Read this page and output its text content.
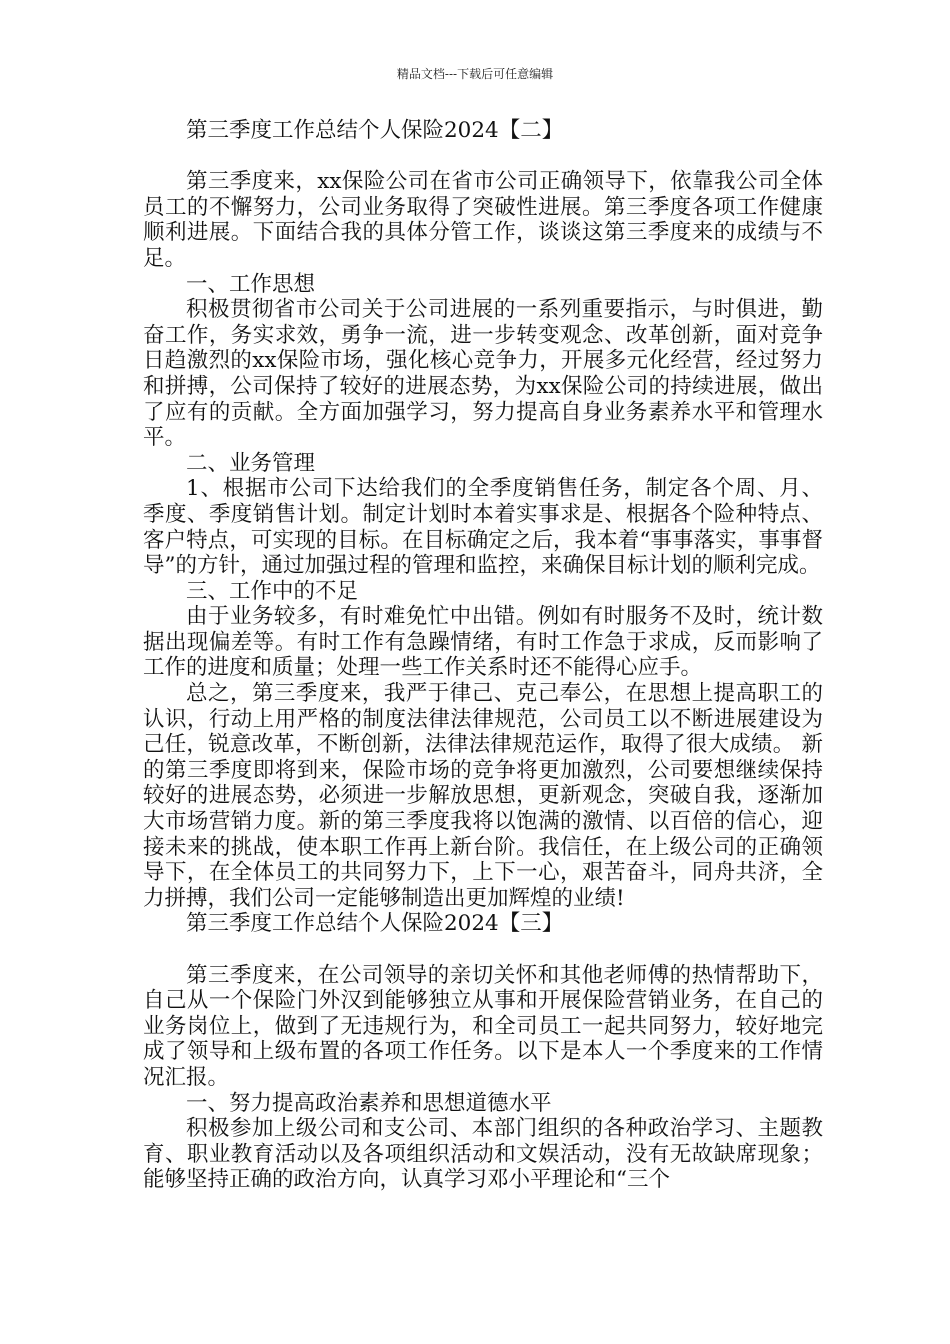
精品文档---下载后可任意编辑

第三季度工作总结个人保险2024【二】

第三季度来，xx保险公司在省市公司正确领导下，依靠我公司全体员工的不懈努力，公司业务取得了突破性进展。第三季度各项工作健康顺利进展。下面结合我的具体分管工作，谈谈这第三季度来的成绩与不足。

一、工作思想

积极贯彻省市公司关于公司进展的一系列重要指示，与时俱进，勤奋工作，务实求效，勇争一流，进一步转变观念、改革创新，面对竞争日趋激烈的xx保险市场，强化核心竞争力，开展多元化经营，经过努力和拼搏，公司保持了较好的进展态势，为xx保险公司的持续进展，做出了应有的贡献。全方面加强学习，努力提高自身业务素养水平和管理水平。

二、业务管理

1、根据市公司下达给我们的全季度销售任务，制定各个周、月、季度、季度销售计划。制定计划时本着实事求是、根据各个险种特点、客户特点，可实现的目标。在目标确定之后，我本着“事事落实，事事督导”的方针，通过加强过程的管理和监控，来确保目标计划的顺利完成。

三、工作中的不足

由于业务较多，有时难免忙中出错。例如有时服务不及时，统计数据出现偏差等。有时工作有急躁情绪，有时工作急于求成，反而影响了工作的进度和质量；处理一些工作关系时还不能得心应手。

总之，第三季度来，我严于律己、克己奉公，在思想上提高职工的认识，行动上用严格的制度法律法律规范，公司员工以不断进展建设为己任，锐意改革，不断创新，法律法律规范运作，取得了很大成绩。 新的第三季度即将到来，保险市场的竞争将更加激烈，公司要想继续保持较好的进展态势，必须进一步解放思想，更新观念，突破自我，逐渐加大市场营销力度。新的第三季度我将以饱满的激情、以百倍的信心，迎接未来的挑战，使本职工作再上新台阶。我信任，在上级公司的正确领导下，在全体员工的共同努力下，上下一心，艰苦奋斗，同舟共济，全力拼搏，我们公司一定能够制造出更加辉煌的业绩!

第三季度工作总结个人保险2024【三】

第三季度来，在公司领导的亲切关怀和其他老师傅的热情帮助下，自己从一个保险门外汉到能够独立从事和开展保险营销业务，在自己的业务岗位上，做到了无违规行为，和全司员工一起共同努力，较好地完成了领导和上级布置的各项工作任务。以下是本人一个季度来的工作情况汇报。

一、努力提高政治素养和思想道德水平

积极参加上级公司和支公司、本部门组织的各种政治学习、主题教育、职业教育活动以及各项组织活动和文娱活动，没有无故缺席现象；能够坚持正确的政治方向，认真学习邓小平理论和“三个
